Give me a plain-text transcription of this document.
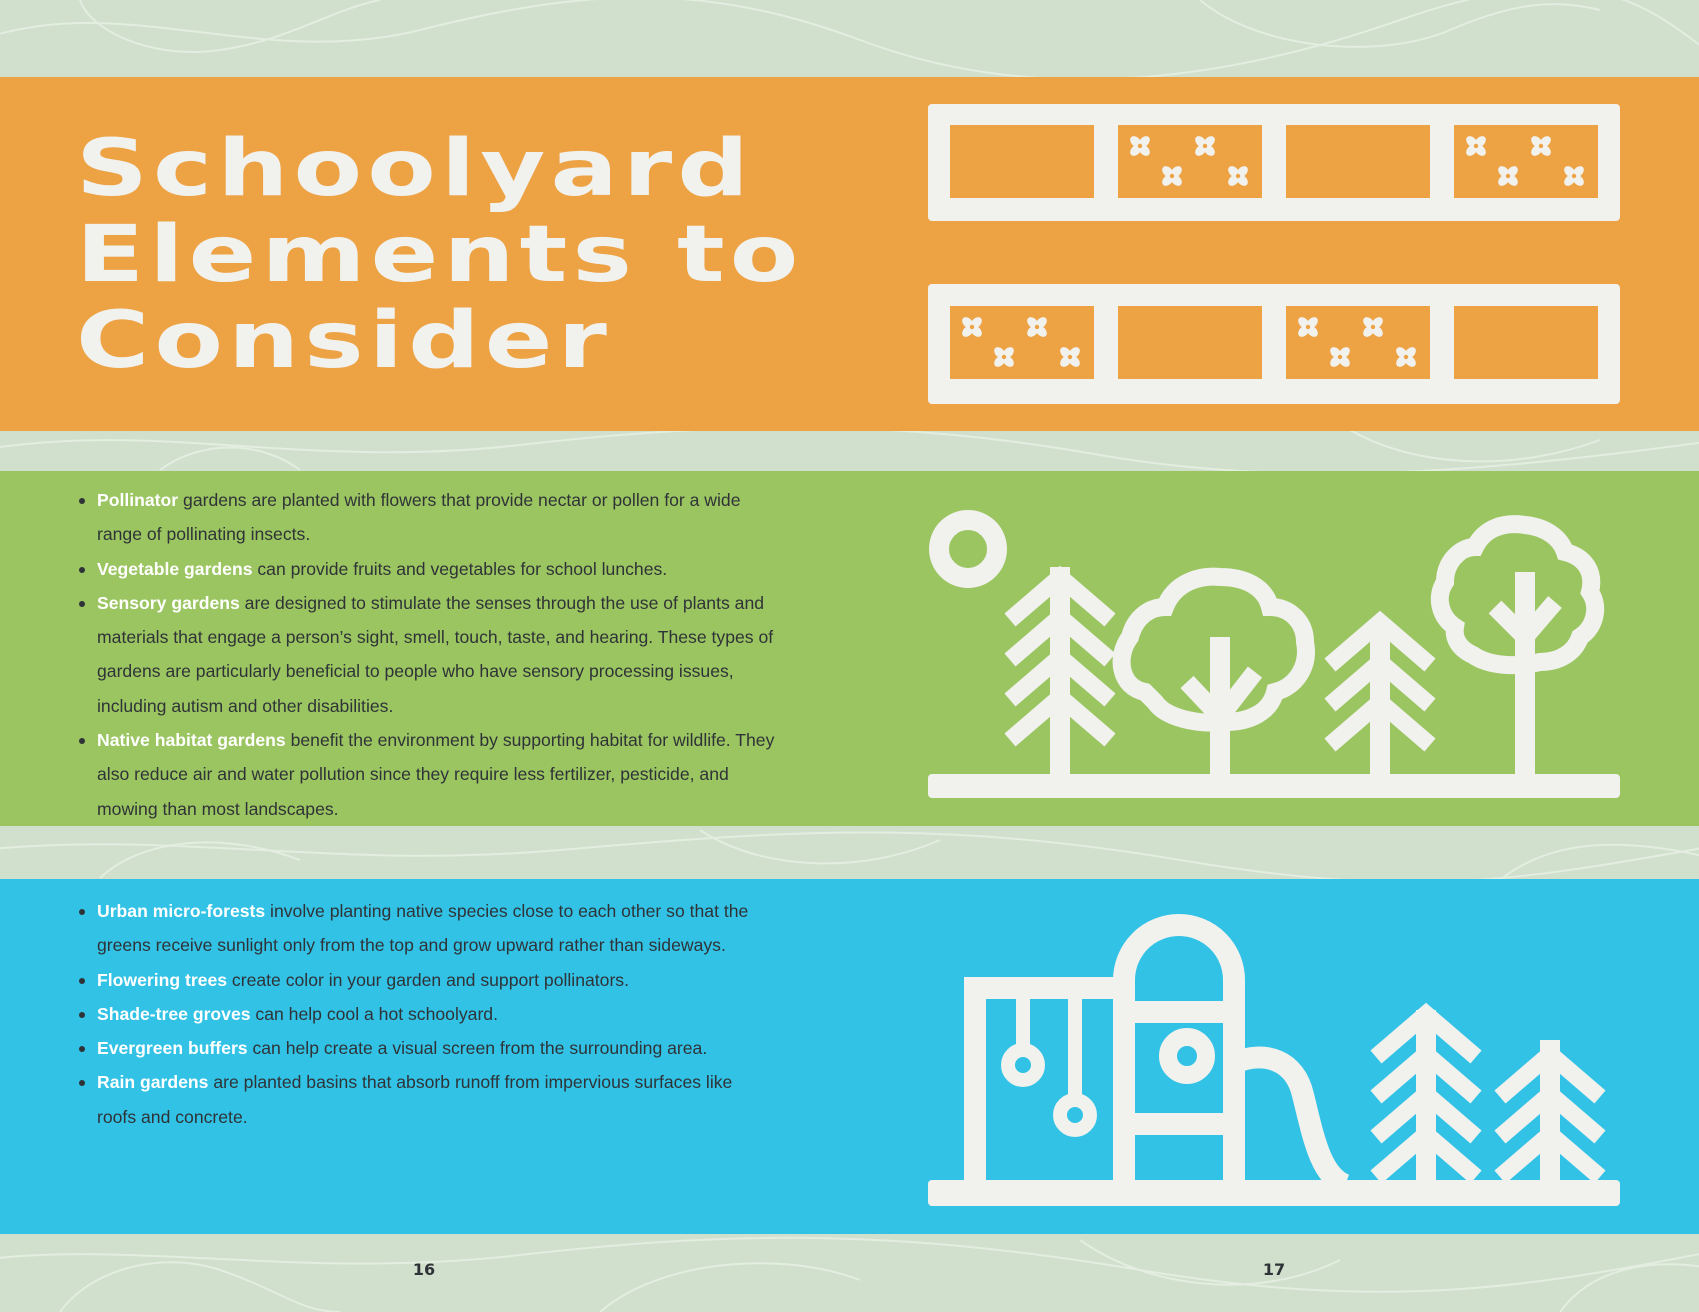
Schoolyard
Elements to
Consider
Pollinator gardens are planted with flowers that provide nectar or pollen for a wide range of pollinating insects.
Vegetable gardens can provide fruits and vegetables for school lunches.
Sensory gardens are designed to stimulate the senses through the use of plants and materials that engage a person’s sight, smell, touch, taste, and hearing. These types of gardens are particularly beneficial to people who have sensory processing issues, including autism and other disabilities.
Native habitat gardens benefit the environment by supporting habitat for wildlife. They also reduce air and water pollution since they require less fertilizer, pesticide, and mowing than most landscapes.
Urban micro-forests involve planting native species close to each other so that the greens receive sunlight only from the top and grow upward rather than sideways.
Flowering trees create color in your garden and support pollinators.
Shade-tree groves can help cool a hot schoolyard.
Evergreen buffers can help create a visual screen from the surrounding area.
Rain gardens are planted basins that absorb runoff from impervious surfaces like roofs and concrete.
16	17
